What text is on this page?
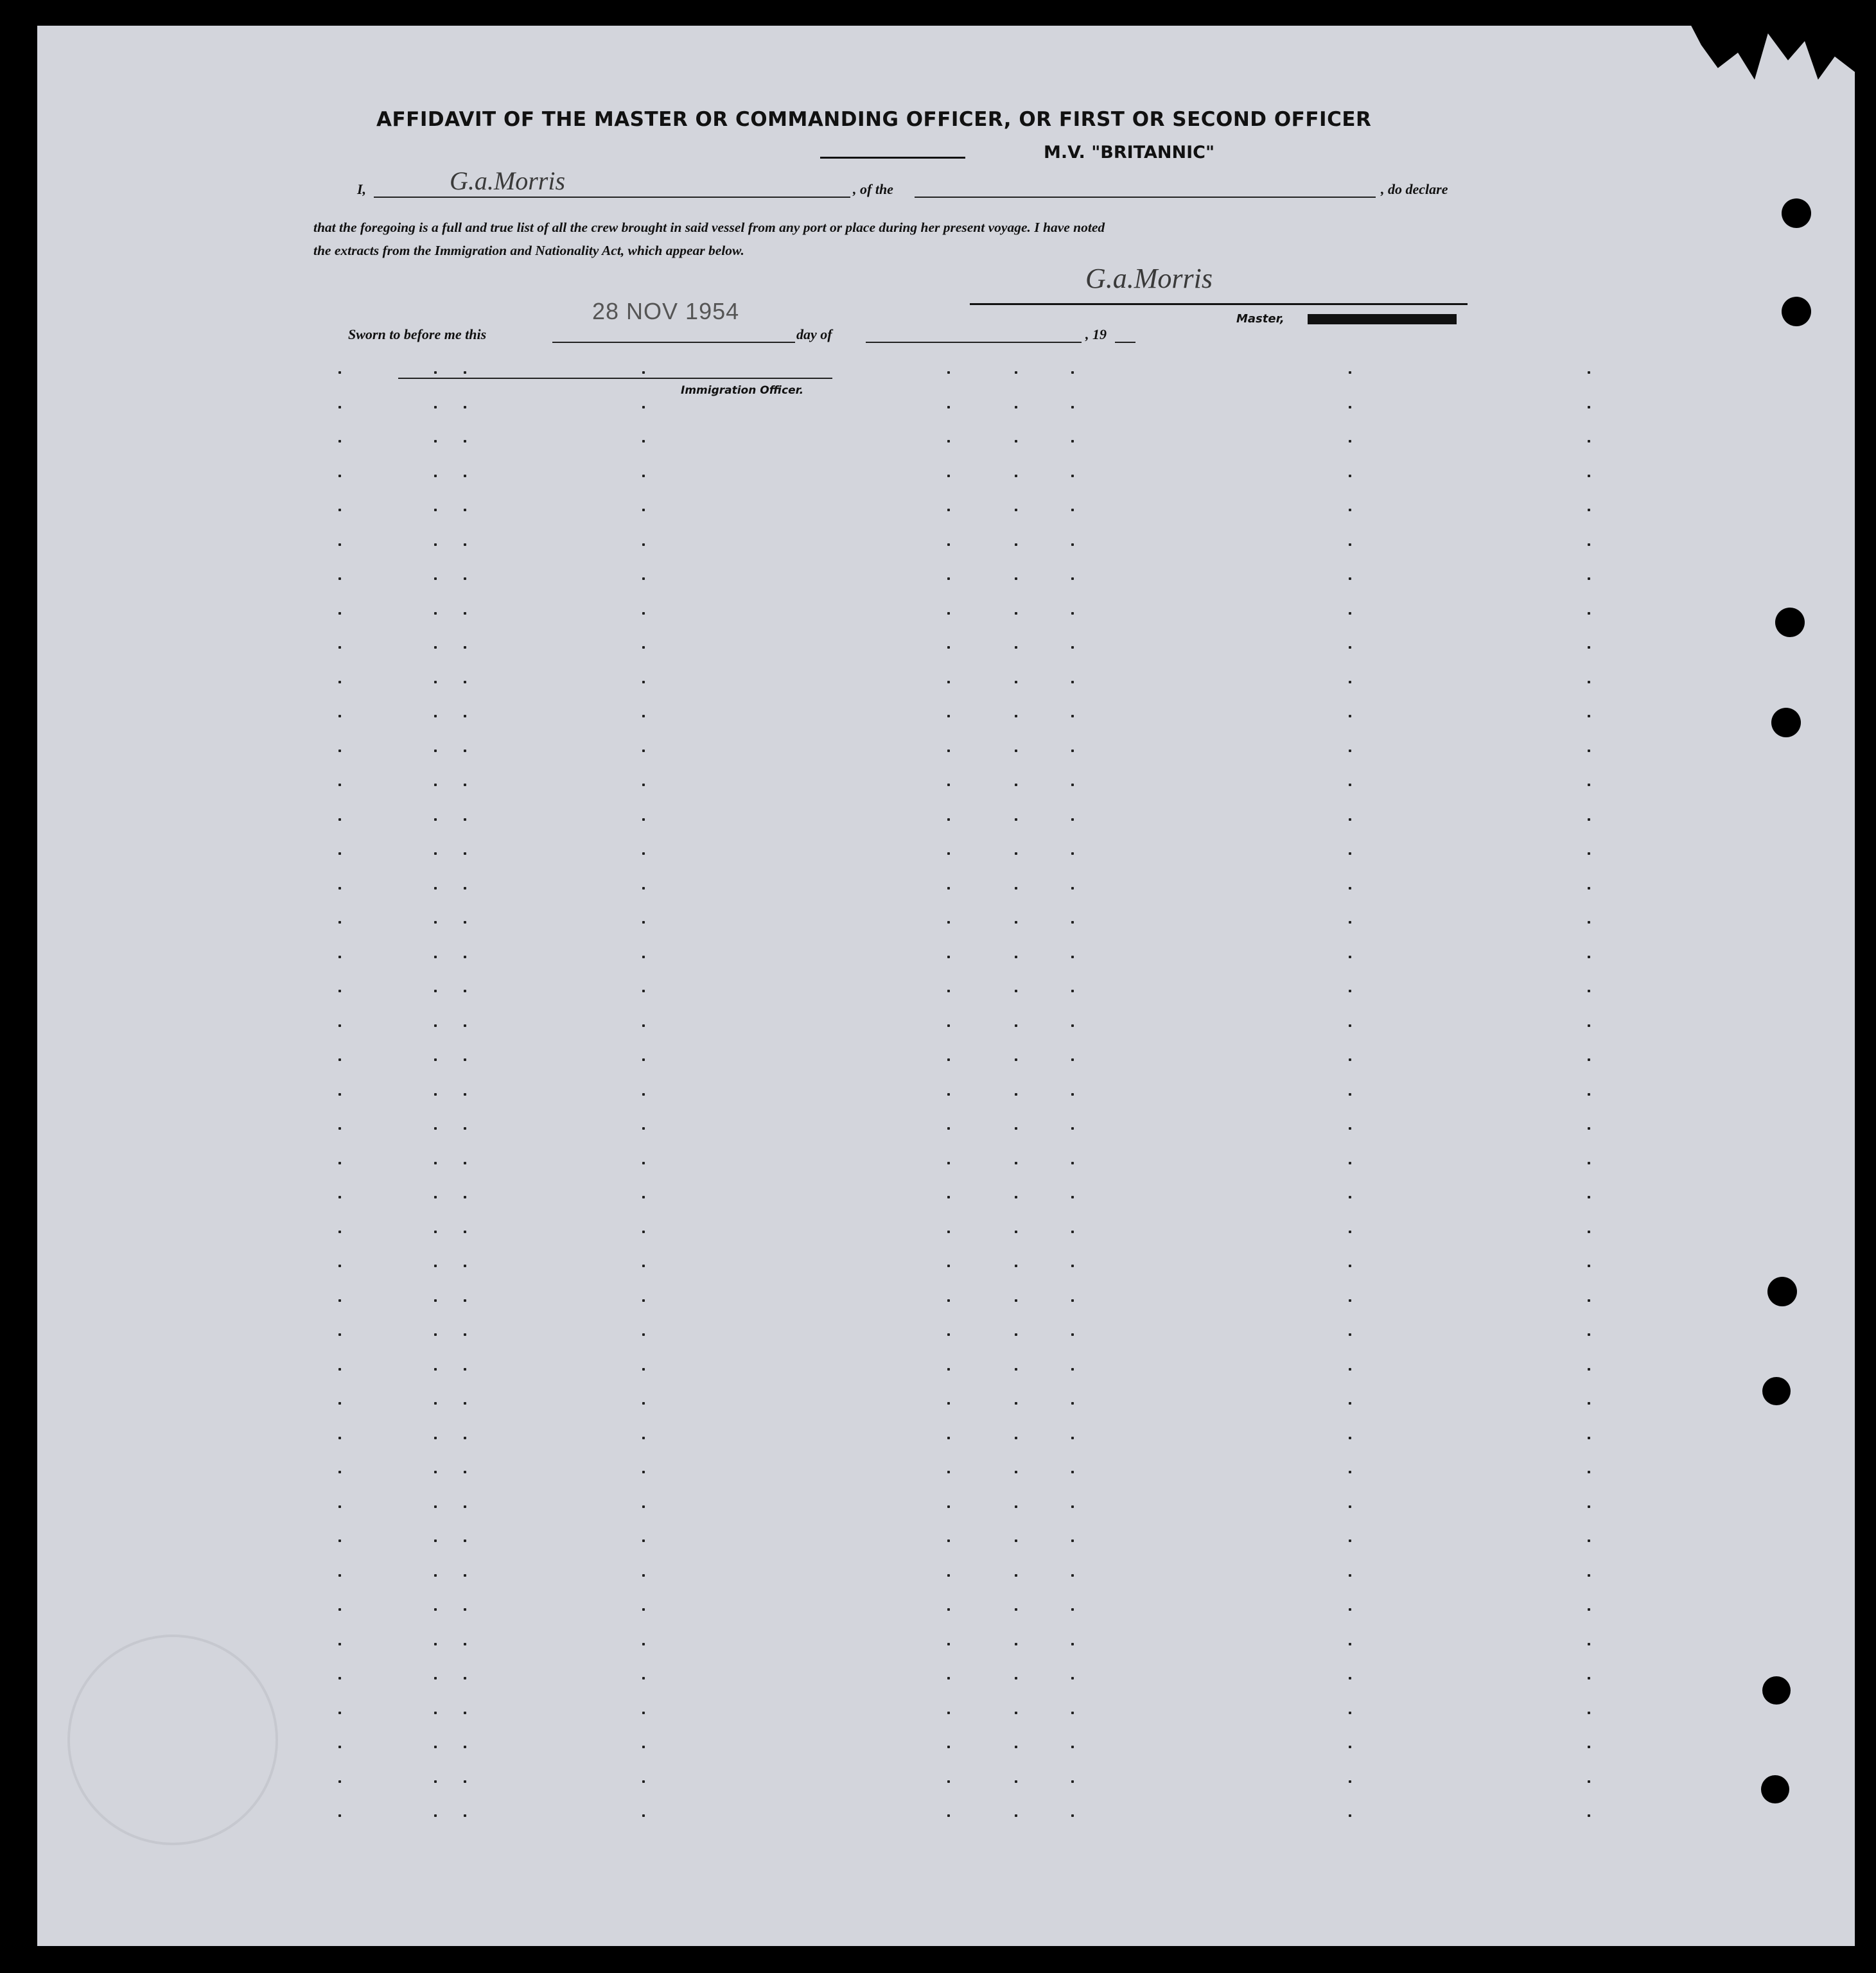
AFFIDAVIT OF THE MASTER OR COMMANDING OFFICER, OR FIRST OR SECOND OFFICER
M.V. "BRITANNIC"
I,	G.a.Morris	, of the	, do declare
that the foregoing is a full and true list of all the crew brought in said vessel from any port or place during her present voyage. I have noted
the extracts from the Immigration and Nationality Act, which appear below.
G.a.Morris
Master,
28 NOV 1954
Sworn to before me this	day of	, 19
Immigration Officer.
